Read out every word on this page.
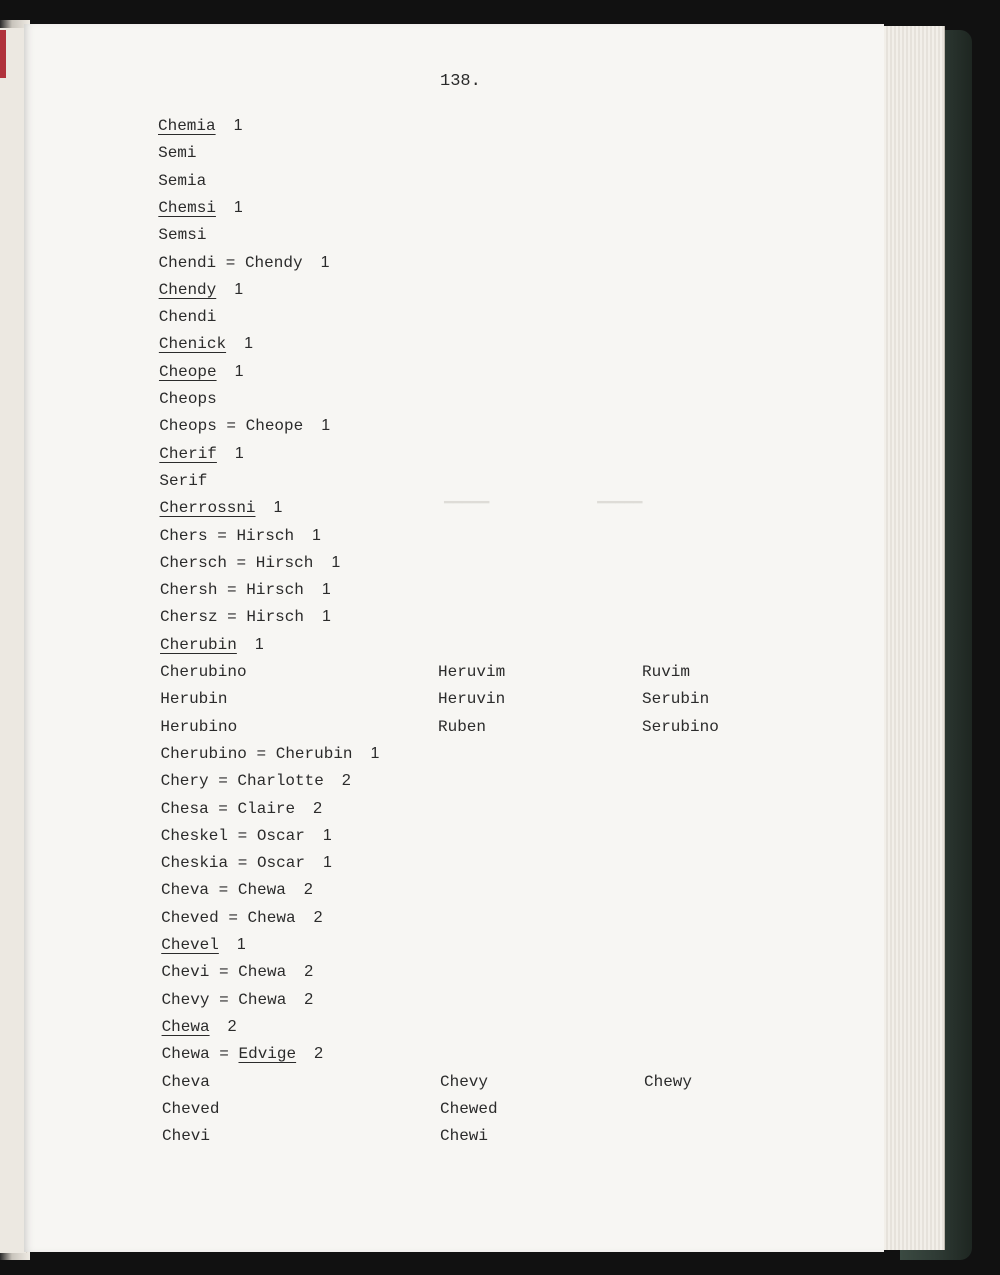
138.
▔▔▔▔▔            ▔▔▔▔▔
Chemia 1
Semi
Semia
Chemsi 1
Semsi
Chendi = Chendy 1
Chendy 1
Chendi
Chenick 1
Cheope 1
Cheops
Cheops = Cheope 1
Cherif 1
Serif
Cherrossni 1
Chers = Hirsch 1
Chersch = Hirsch 1
Chersh = Hirsch 1
Chersz = Hirsch 1
Cherubin 1
Cherubino
Herubin
Herubino
Cherubino = Cherubin 1
Chery = Charlotte 2
Chesa = Claire 2
Cheskel = Oscar 1
Cheskia = Oscar 1
Cheva = Chewa 2
Cheved = Chewa 2
Chevel 1
Chevi = Chewa 2
Chevy = Chewa 2
Chewa 2
Chewa = Edvige 2
Cheva
Cheved
Chevi
Heruvim
Heruvin
Ruben
Ruvim
Serubin
Serubino
Chevy
Chewed
Chewi
Chewy
